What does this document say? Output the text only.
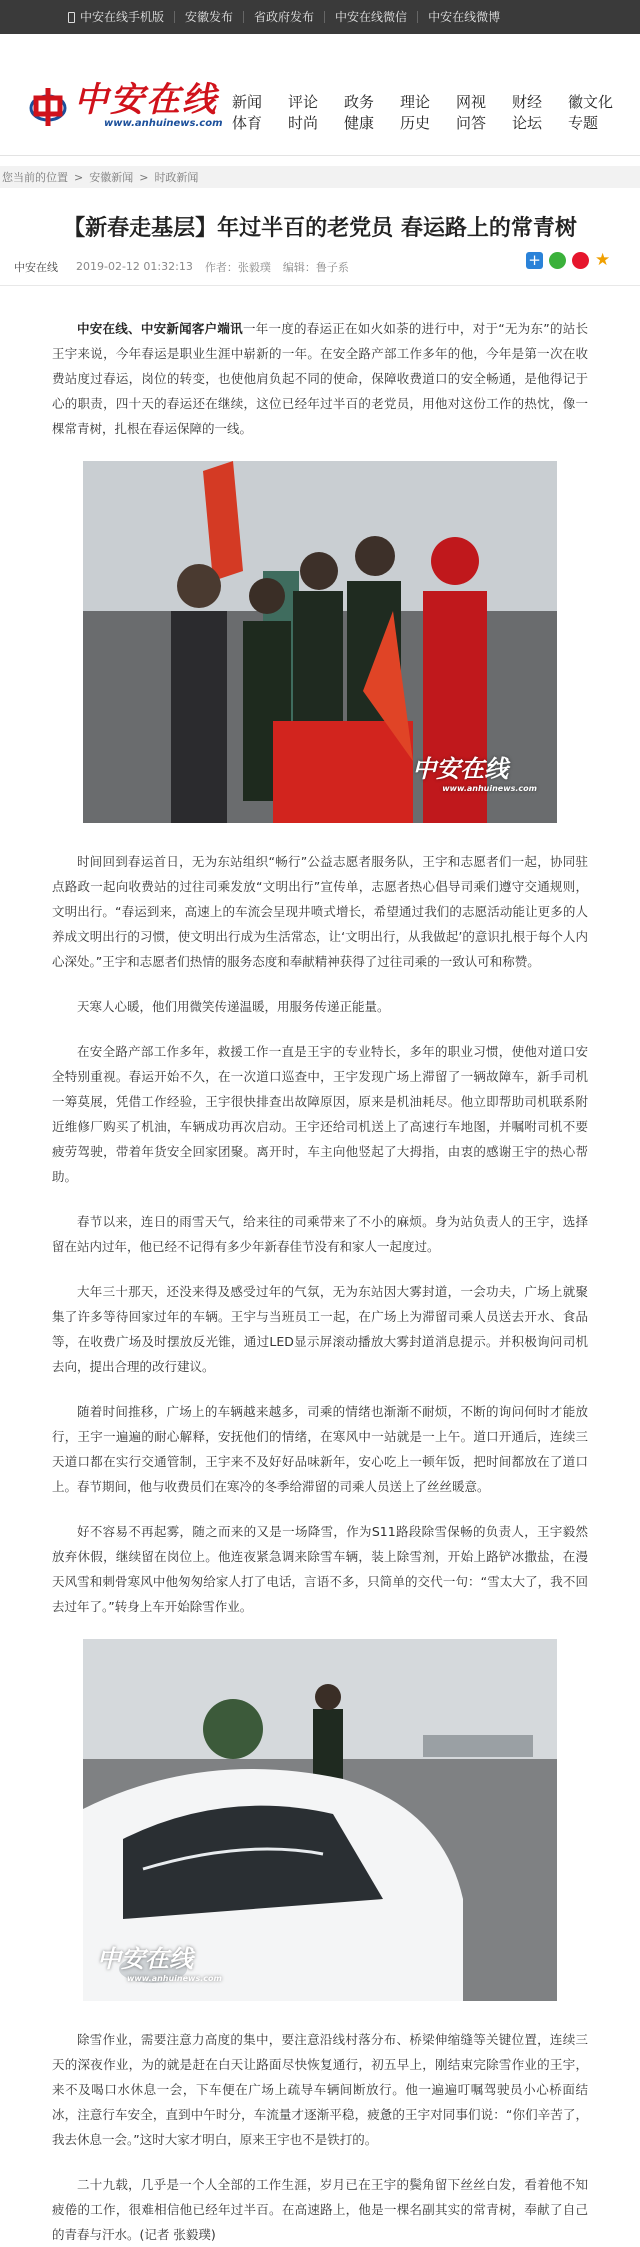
中安在线手机版	安徽发布	省政府发布	中安在线微信	中安在线微博
中安在线
www.anhuinews.com
新闻
体育
评论
时尚
政务
健康
理论
历史
网视
问答
财经
论坛
徽文化
专题
您当前的位置 > 安徽新闻 > 时政新闻
【新春走基层】年过半百的老党员 春运路上的常青树
中安在线 2019-02-12 01:32:13 作者：张毅璞 编辑：鲁子系	+	★

中安在线、中安新闻客户端讯一年一度的春运正在如火如荼的进行中，对于“无为东”的站长王宇来说，今年春运是职业生涯中崭新的一年。在安全路产部工作多年的他，今年是第一次在收费站度过春运，岗位的转变，也使他肩负起不同的使命，保障收费道口的安全畅通，是他得记于心的职责，四十天的春运还在继续，这位已经年过半百的老党员，用他对这份工作的热忱，像一棵常青树，扎根在春运保障的一线。

中安在线
www.anhuinews.com

时间回到春运首日，无为东站组织“畅行”公益志愿者服务队，王宇和志愿者们一起，协同驻点路政一起向收费站的过往司乘发放“文明出行”宣传单，志愿者热心倡导司乘们遵守交通规则，文明出行。“春运到来，高速上的车流会呈现井喷式增长，希望通过我们的志愿活动能让更多的人养成文明出行的习惯，使文明出行成为生活常态，让‘文明出行，从我做起’的意识扎根于每个人内心深处。”王宇和志愿者们热情的服务态度和奉献精神获得了过往司乘的一致认可和称赞。

天寒人心暖，他们用微笑传递温暖，用服务传递正能量。

在安全路产部工作多年，救援工作一直是王宇的专业特长，多年的职业习惯，使他对道口安全特别重视。春运开始不久，在一次道口巡查中，王宇发现广场上滞留了一辆故障车，新手司机一筹莫展，凭借工作经验，王宇很快排查出故障原因，原来是机油耗尽。他立即帮助司机联系附近维修厂购买了机油，车辆成功再次启动。王宇还给司机送上了高速行车地图，并嘱咐司机不要疲劳驾驶，带着年货安全回家团聚。离开时，车主向他竖起了大拇指，由衷的感谢王宇的热心帮助。

春节以来，连日的雨雪天气，给来往的司乘带来了不小的麻烦。身为站负责人的王宇，选择留在站内过年，他已经不记得有多少年新春佳节没有和家人一起度过。

大年三十那天，还没来得及感受过年的气氛，无为东站因大雾封道，一会功夫，广场上就聚集了许多等待回家过年的车辆。王宇与当班员工一起，在广场上为滞留司乘人员送去开水、食品等，在收费广场及时摆放反光锥，通过LED显示屏滚动播放大雾封道消息提示。并积极询问司机去向，提出合理的改行建议。

随着时间推移，广场上的车辆越来越多，司乘的情绪也渐渐不耐烦，不断的询问何时才能放行，王宇一遍遍的耐心解释，安抚他们的情绪，在寒风中一站就是一上午。道口开通后，连续三天道口都在实行交通管制，王宇来不及好好品味新年，安心吃上一顿年饭，把时间都放在了道口上。春节期间，他与收费员们在寒冷的冬季给滞留的司乘人员送上了丝丝暖意。

好不容易不再起雾，随之而来的又是一场降雪，作为S11路段除雪保畅的负责人，王宇毅然放弃休假，继续留在岗位上。他连夜紧急调来除雪车辆，装上除雪剂，开始上路铲冰撒盐，在漫天风雪和刺骨寒风中他匆匆给家人打了电话，言语不多，只简单的交代一句：“雪太大了，我不回去过年了。”转身上车开始除雪作业。

中安在线
www.anhuinews.com

除雪作业，需要注意力高度的集中，要注意沿线村落分布、桥梁伸缩缝等关键位置，连续三天的深夜作业，为的就是赶在白天让路面尽快恢复通行，初五早上，刚结束完除雪作业的王宇，来不及喝口水休息一会，下车便在广场上疏导车辆间断放行。他一遍遍叮嘱驾驶员小心桥面结冰，注意行车安全，直到中午时分，车流量才逐渐平稳，疲惫的王宇对同事们说：“你们辛苦了，我去休息一会。”这时大家才明白，原来王宇也不是铁打的。

二十九载，几乎是一个人全部的工作生涯，岁月已在王宇的鬓角留下丝丝白发，看着他不知疲倦的工作，很难相信他已经年过半百。在高速路上，他是一棵名副其实的常青树，奉献了自己的青春与汗水。(记者 张毅璞)
